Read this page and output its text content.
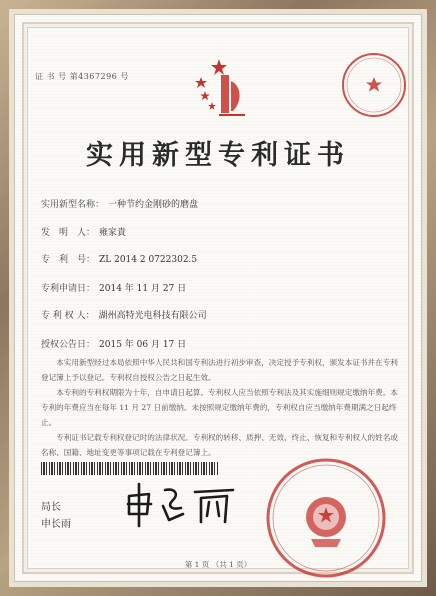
证 书 号 第4367296 号
实用新型专利证书
实用新型名称： 一种节约金刚砂的磨盘
发　明　人： 雍家貴
专　利　号： ZL 2014 2 0722302.5
专利申请日： 2014 年 11 月 27 日
专 利 权 人： 湖州高特光电科技有限公司
授权公告日： 2015 年 06 月 17 日

本实用新型经过本局依照中华人民共和国专利法进行初步审查，决定授予专利权，颁发本证书并在专利登记簿上予以登记。专利权自授权公告之日起生效。

本专利的专利权期限为十年，自申请日起算。专利权人应当依照专利法及其实施细则规定缴纳年费。本专利的年费应当在每年 11 月 27 日前缴纳。未按照规定缴纳年费的，专利权自应当缴纳年费期满之日起终止。

专利证书记载专利权登记时的法律状况。专利权的转移、质押、无效、终止、恢复和专利权人的姓名或名称、国籍、地址变更等事项记载在专利登记簿上。

局长
申长雨
第 1 页 （共 1 页）
